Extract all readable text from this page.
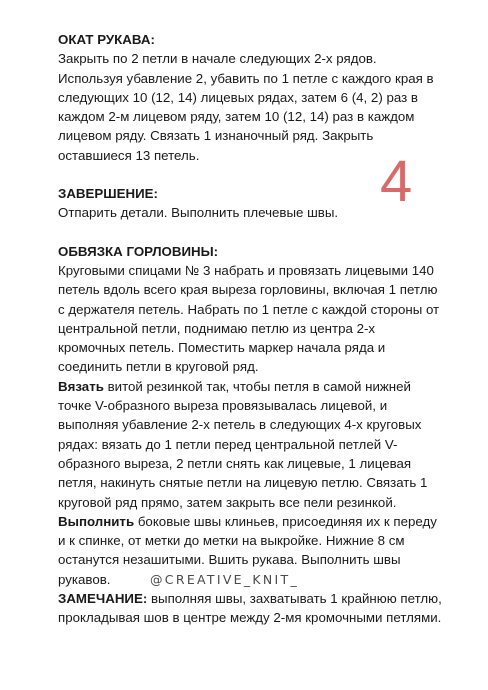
ОКАТ РУКАВА:

Закрыть по 2 петли в начале следующих 2-х рядов. Используя убавление 2, убавить по 1 петле с каждого края в следующих 10 (12, 14) лицевых рядах, затем 6 (4, 2) раз в каждом 2-м лицевом ряду, затем 10 (12, 14) раз в каждом лицевом ряду. Связать 1 изнаночный ряд. Закрыть оставшиеся 13 петель.

ЗАВЕРШЕНИЕ:

Отпарить детали. Выполнить плечевые швы.

ОБВЯЗКА ГОРЛОВИНЫ:

Круговыми спицами № 3 набрать и провязать лицевыми 140 петель вдоль всего края выреза горловины, включая 1 петлю с держателя петель. Набрать по 1 петле с каждой стороны от центральной петли, поднимаю петлю из центра 2-х кромочных петель. Поместить маркер начала ряда и соединить петли в круговой ряд.

Вязать витой резинкой так, чтобы петля в самой нижней точке V-образного выреза провязывалась лицевой, и выполняя убавление 2-х петель в следующих 4-х круговых рядах: вязать до 1 петли перед центральной петлей V-образного выреза, 2 петли снять как лицевые, 1 лицевая петля, накинуть снятые петли на лицевую петлю. Связать 1 круговой ряд прямо, затем закрыть все пели резинкой.

Выполнить боковые швы клиньев, присоединяя их к переду и к спинке, от метки до метки на выкройке. Нижние 8 см останутся незашитыми. Вшить рукава. Выполнить швы рукавов.

ЗАМЕЧАНИЕ: выполняя швы, захватывать 1 крайнюю петлю, прокладывая шов в центре между 2-мя кромочными петлями.

4
@CREATIVE_KNIT_
